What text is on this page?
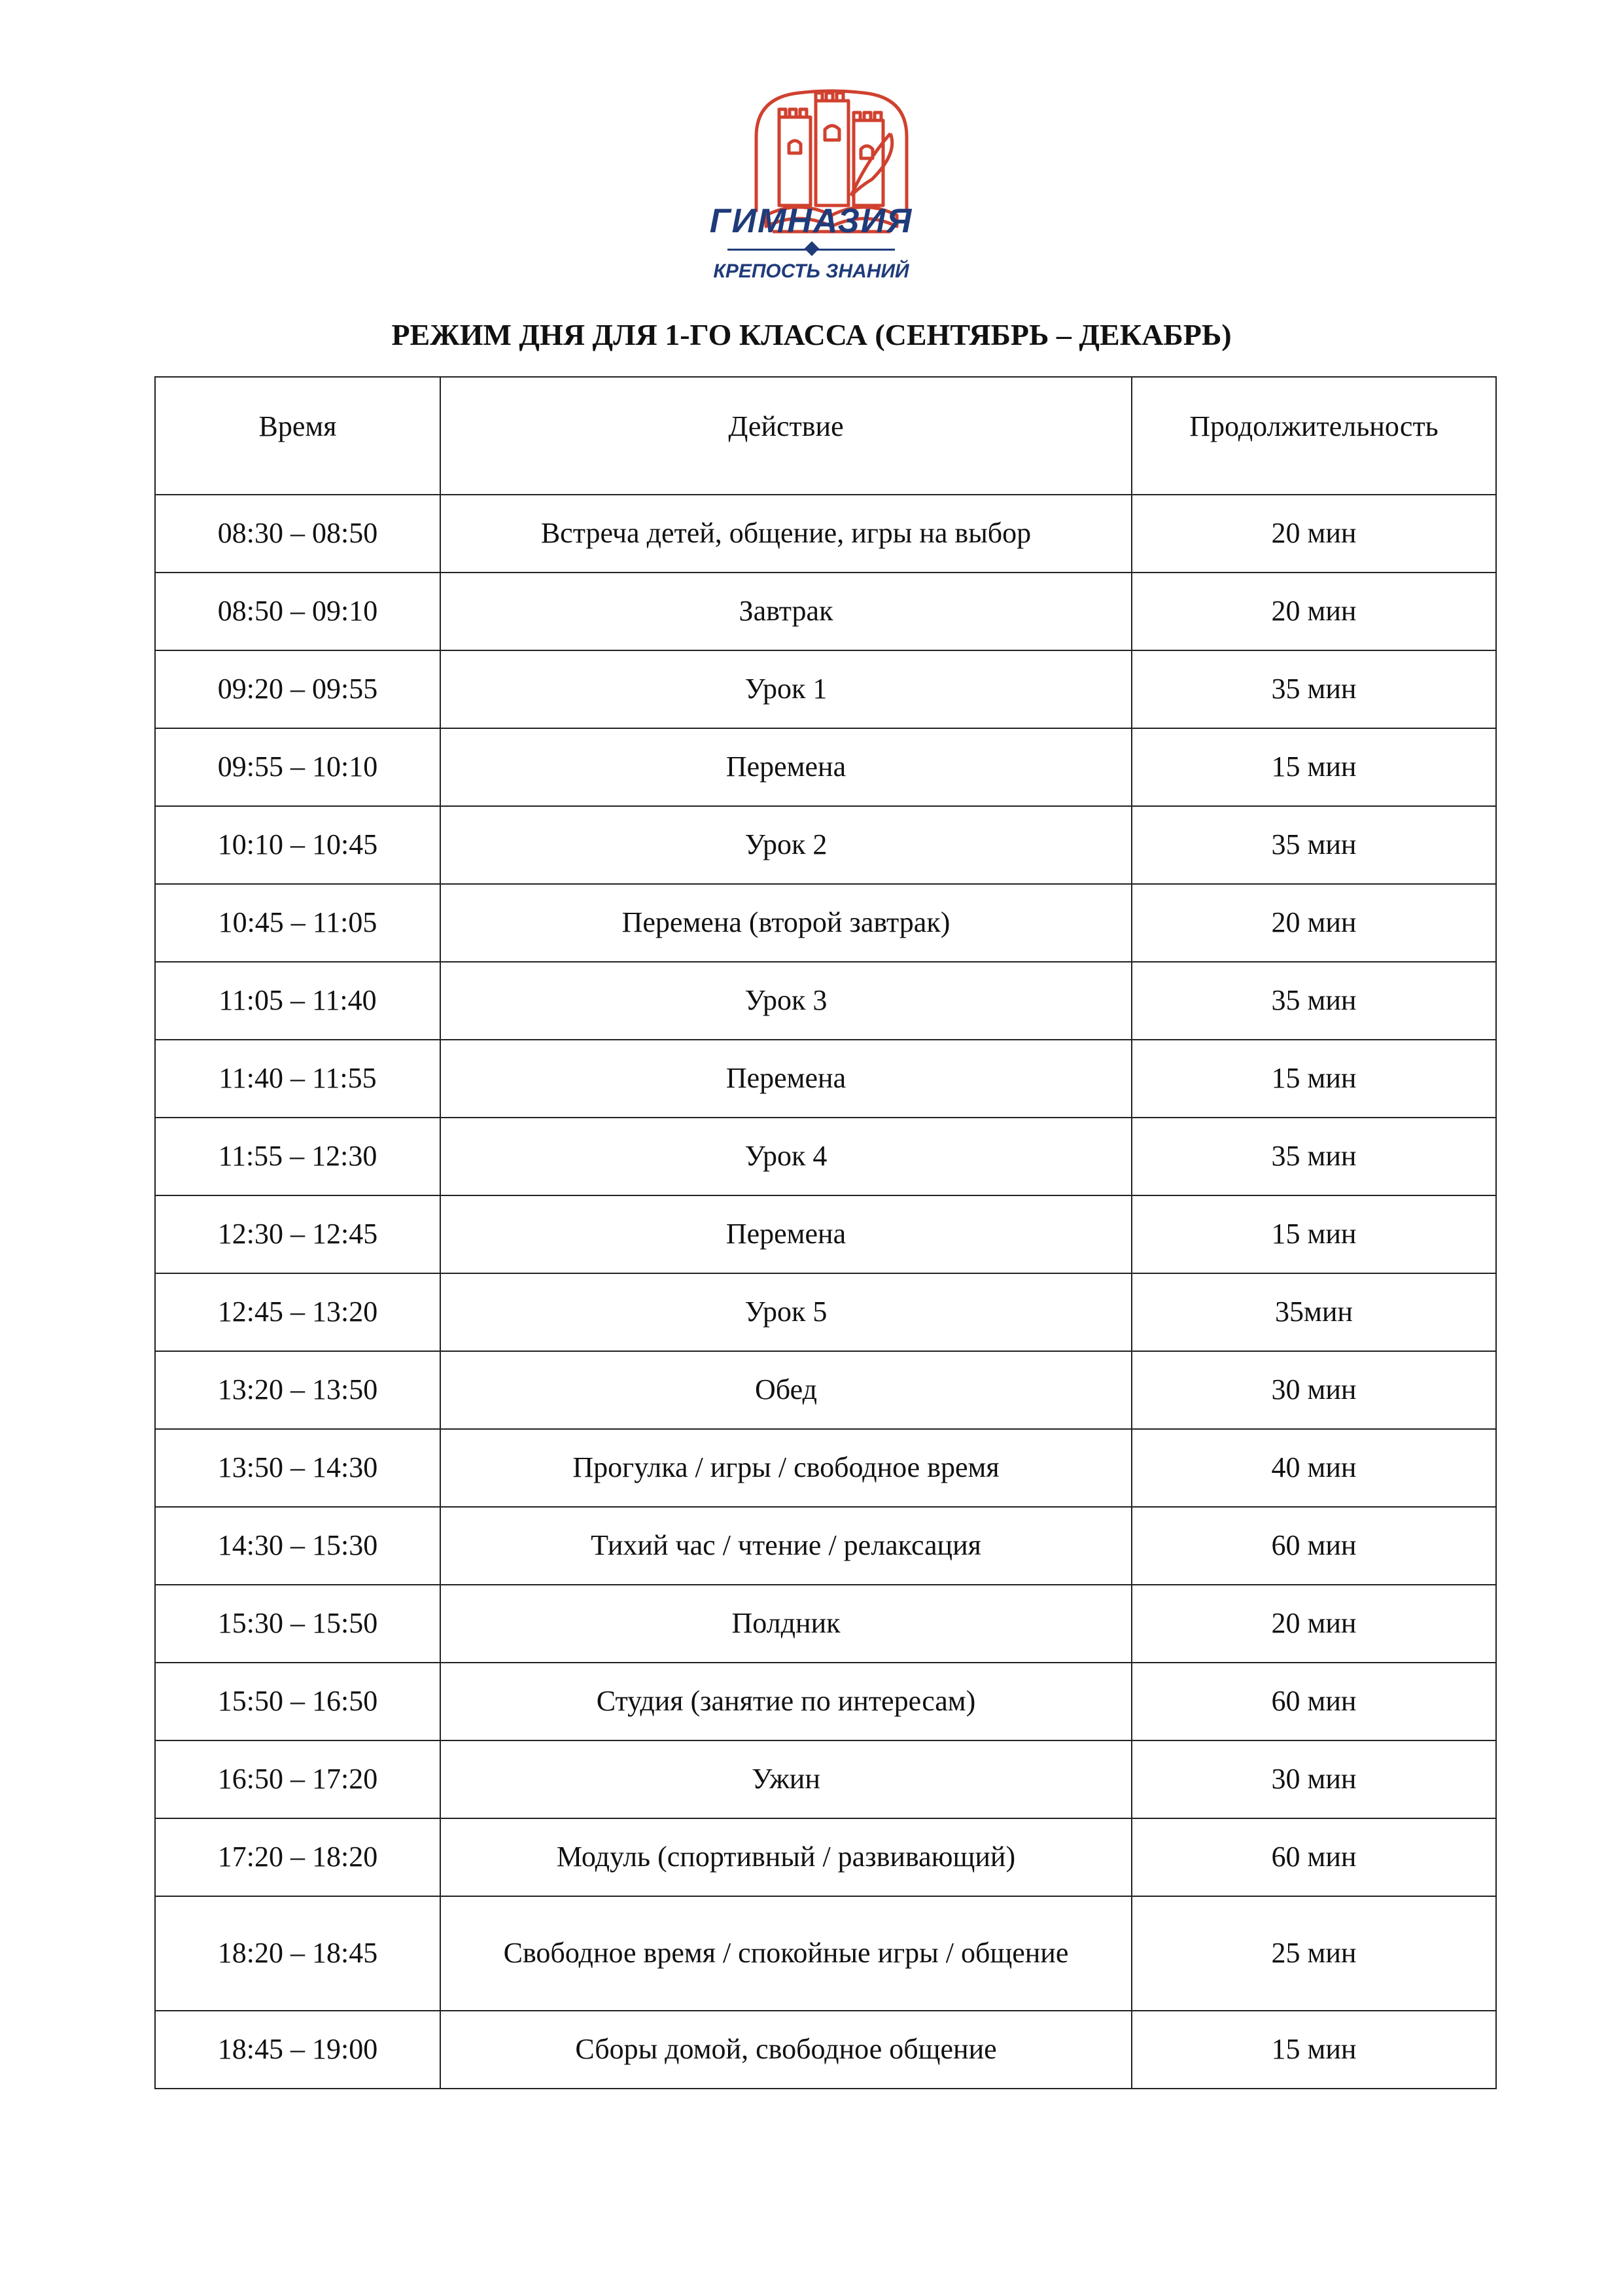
ГИМНАЗИЯ
КРЕПОСТЬ ЗНАНИЙ
РЕЖИМ ДНЯ ДЛЯ 1-ГО КЛАССА (СЕНТЯБРЬ – ДЕКАБРЬ)
Время	Действие	Продолжительность
08:30 – 08:50	Встреча детей, общение, игры на выбор	20 мин
08:50 – 09:10	Завтрак	20 мин
09:20 – 09:55	Урок 1	35 мин
09:55 – 10:10	Перемена	15 мин
10:10 – 10:45	Урок 2	35 мин
10:45 – 11:05	Перемена (второй завтрак)	20 мин
11:05 – 11:40	Урок 3	35 мин
11:40 – 11:55	Перемена	15 мин
11:55 – 12:30	Урок 4	35 мин
12:30 – 12:45	Перемена	15 мин
12:45 – 13:20	Урок 5	35мин
13:20 – 13:50	Обед	30 мин
13:50 – 14:30	Прогулка / игры / свободное время	40 мин
14:30 – 15:30	Тихий час / чтение / релаксация	60 мин
15:30 – 15:50	Полдник	20 мин
15:50 – 16:50	Студия (занятие по интересам)	60 мин
16:50 – 17:20	Ужин	30 мин
17:20 – 18:20	Модуль (спортивный / развивающий)	60 мин
18:20 – 18:45	Свободное время / спокойные игры / общение	25 мин
18:45 – 19:00	Сборы домой, свободное общение	15 мин
